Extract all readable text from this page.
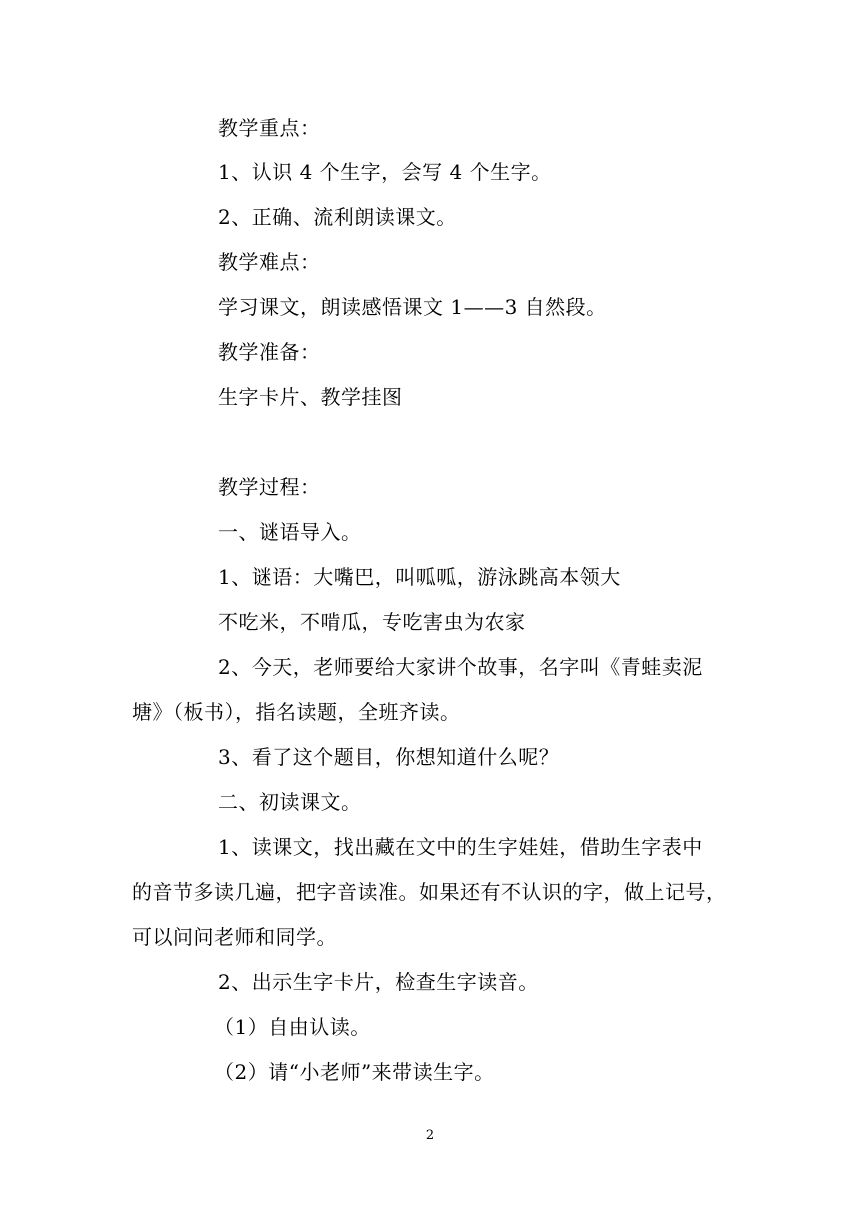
教学重点：
1、认识 4 个生字，会写 4 个生字。
2、正确、流利朗读课文。
教学难点：
学习课文，朗读感悟课文 1——3 自然段。
教学准备：
生字卡片、教学挂图
教学过程：
一、谜语导入。
1、谜语：大嘴巴，叫呱呱，游泳跳高本领大
不吃米，不啃瓜，专吃害虫为农家
2、今天，老师要给大家讲个故事，名字叫《青蛙卖泥
塘》（板书），指名读题，全班齐读。
3、看了这个题目，你想知道什么呢？
二、初读课文。
1、读课文，找出藏在文中的生字娃娃，借助生字表中
的音节多读几遍，把字音读准。如果还有不认识的字，做上记号，
可以问问老师和同学。
2、出示生字卡片，检查生字读音。
（1）自由认读。
（2）请“小老师”来带读生字。
2
